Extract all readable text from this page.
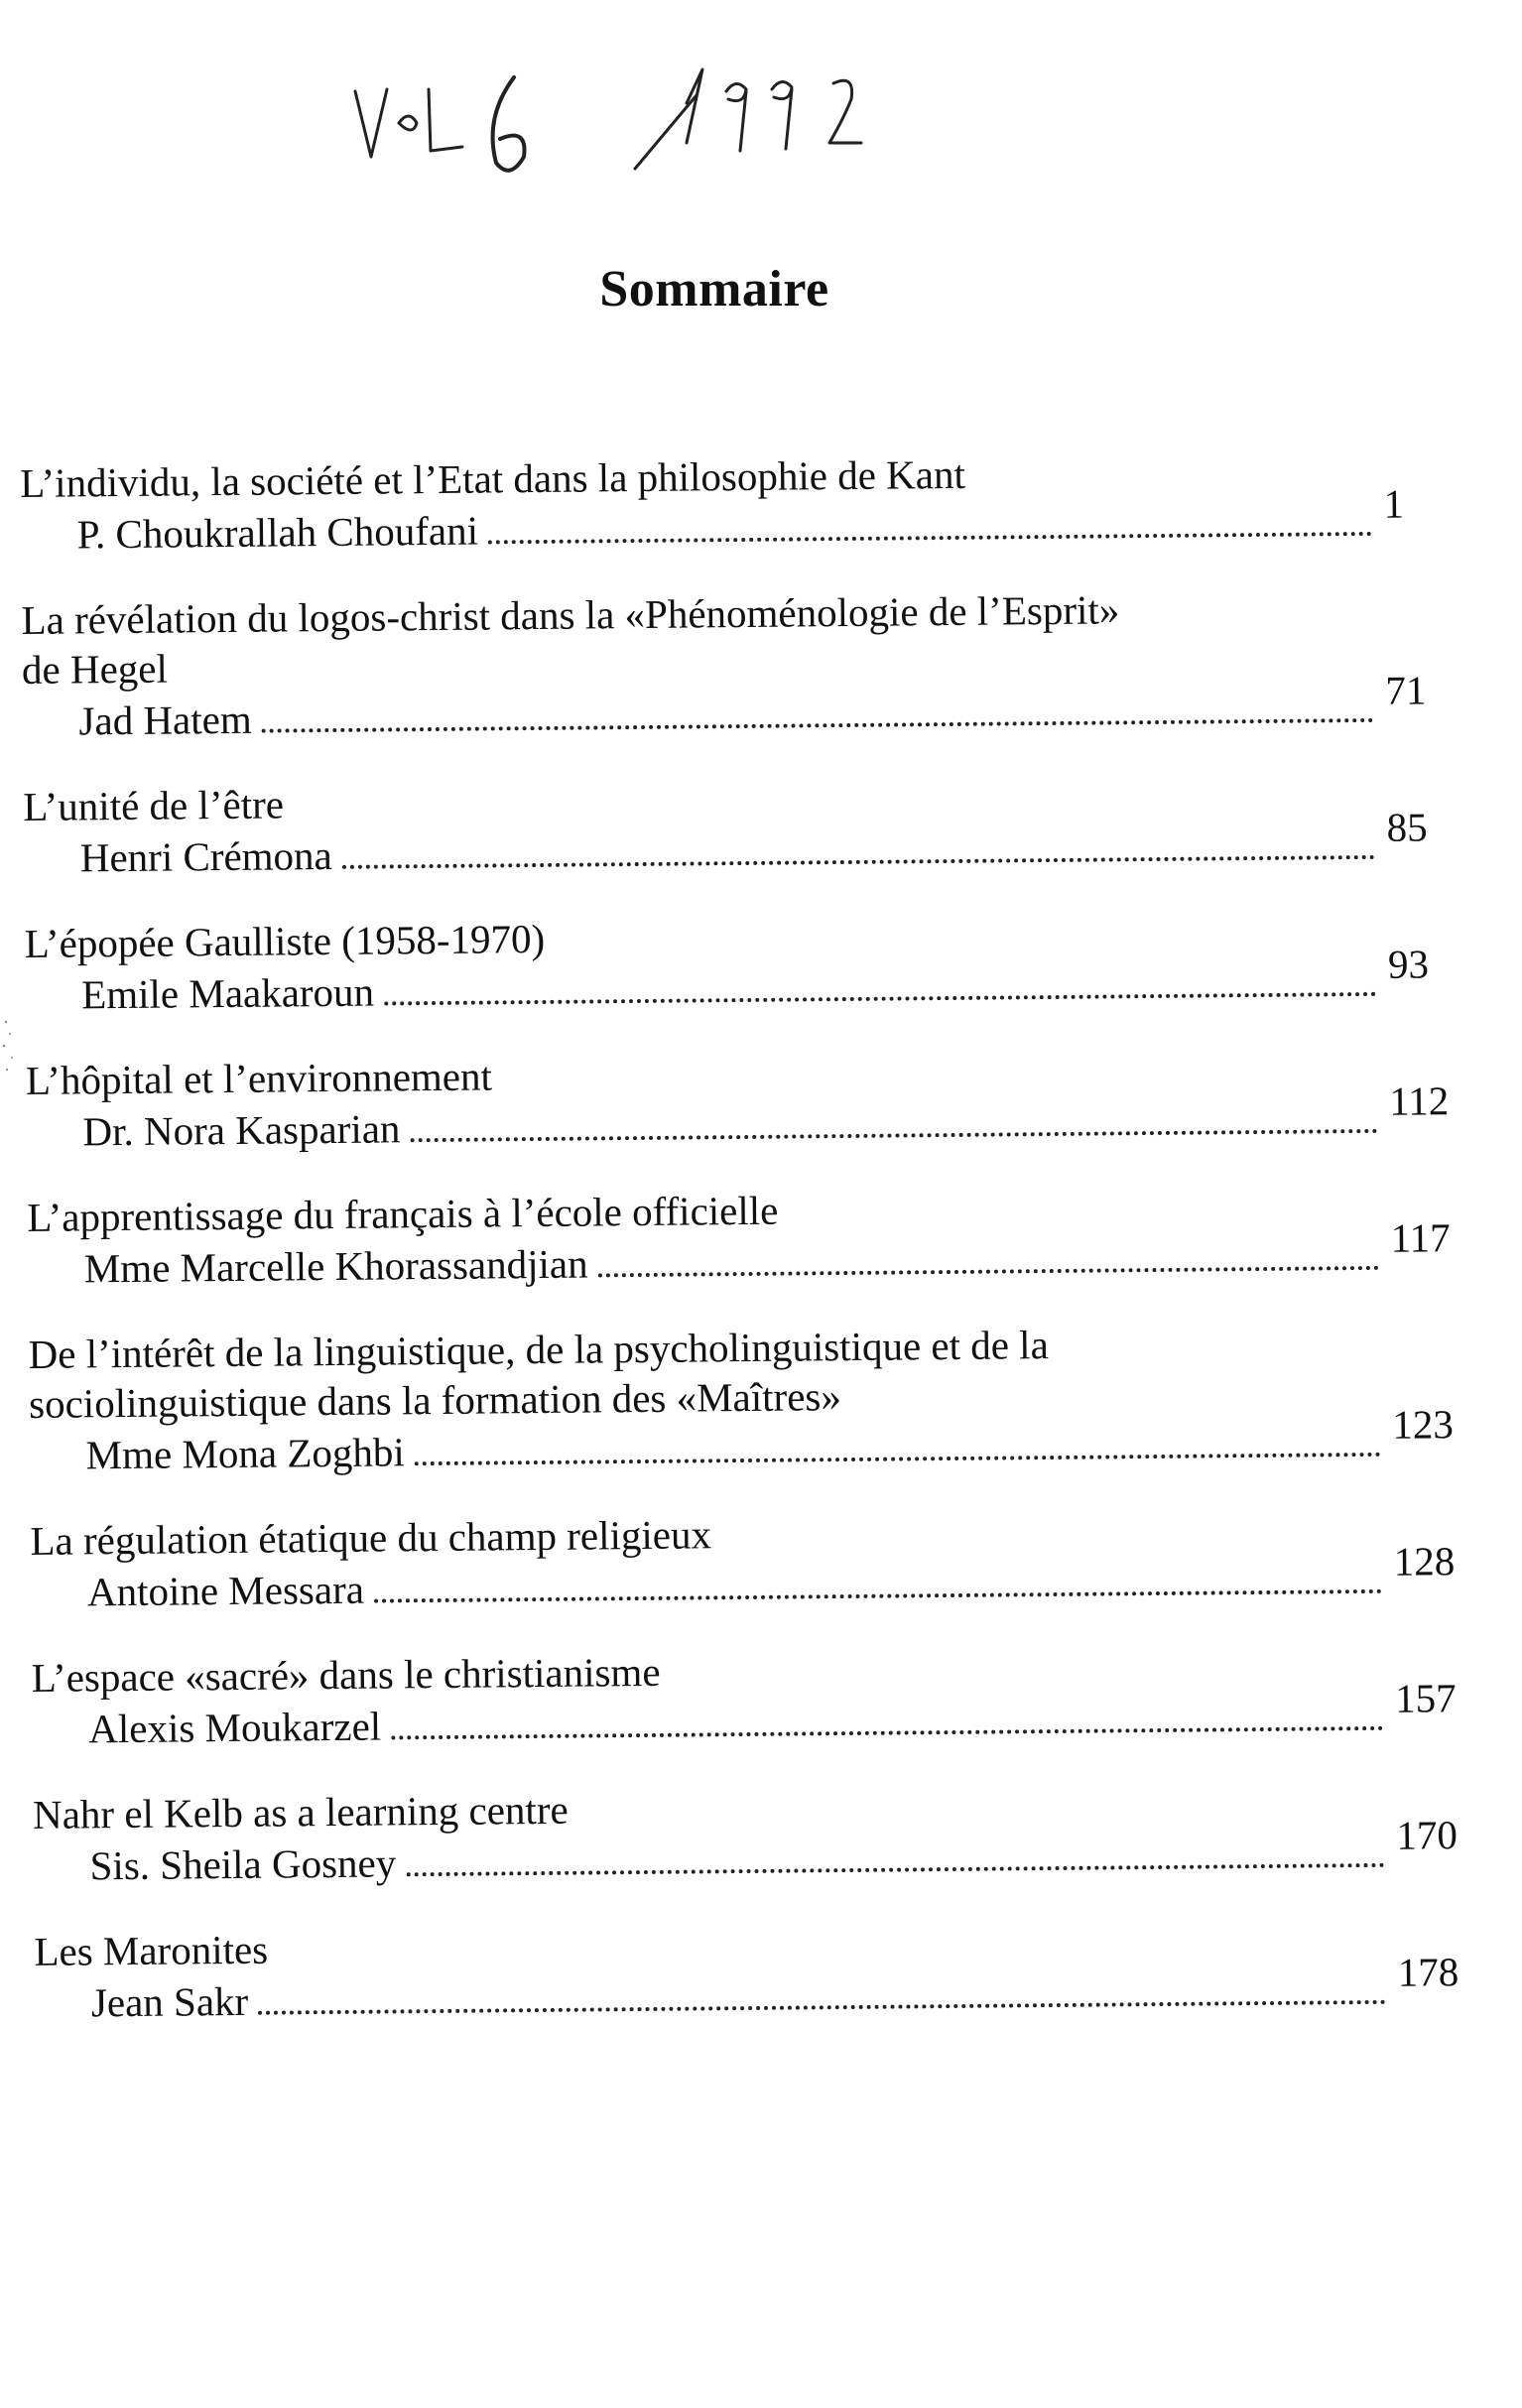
Sommaire
L’individu, la société et l’Etat dans la philosophie de Kant
P. Choukrallah Choufani
1
La révélation du logos-christ dans la «Phénoménologie de l’Esprit»
de Hegel
Jad Hatem
71
L’unité de l’être
Henri Crémona
85
L’épopée Gaulliste (1958-1970)
Emile Maakaroun
93
L’hôpital et l’environnement
Dr. Nora Kasparian
112
L’apprentissage du français à l’école officielle
Mme Marcelle Khorassandjian
117
De l’intérêt de la linguistique, de la psycholinguistique et de la
sociolinguistique dans la formation des «Maîtres»
Mme Mona Zoghbi
123
La régulation étatique du champ religieux
Antoine Messara
128
L’espace «sacré» dans le christianisme
Alexis Moukarzel
157
Nahr el Kelb as a learning centre
Sis. Sheila Gosney
170
Les Maronites
Jean Sakr
178
